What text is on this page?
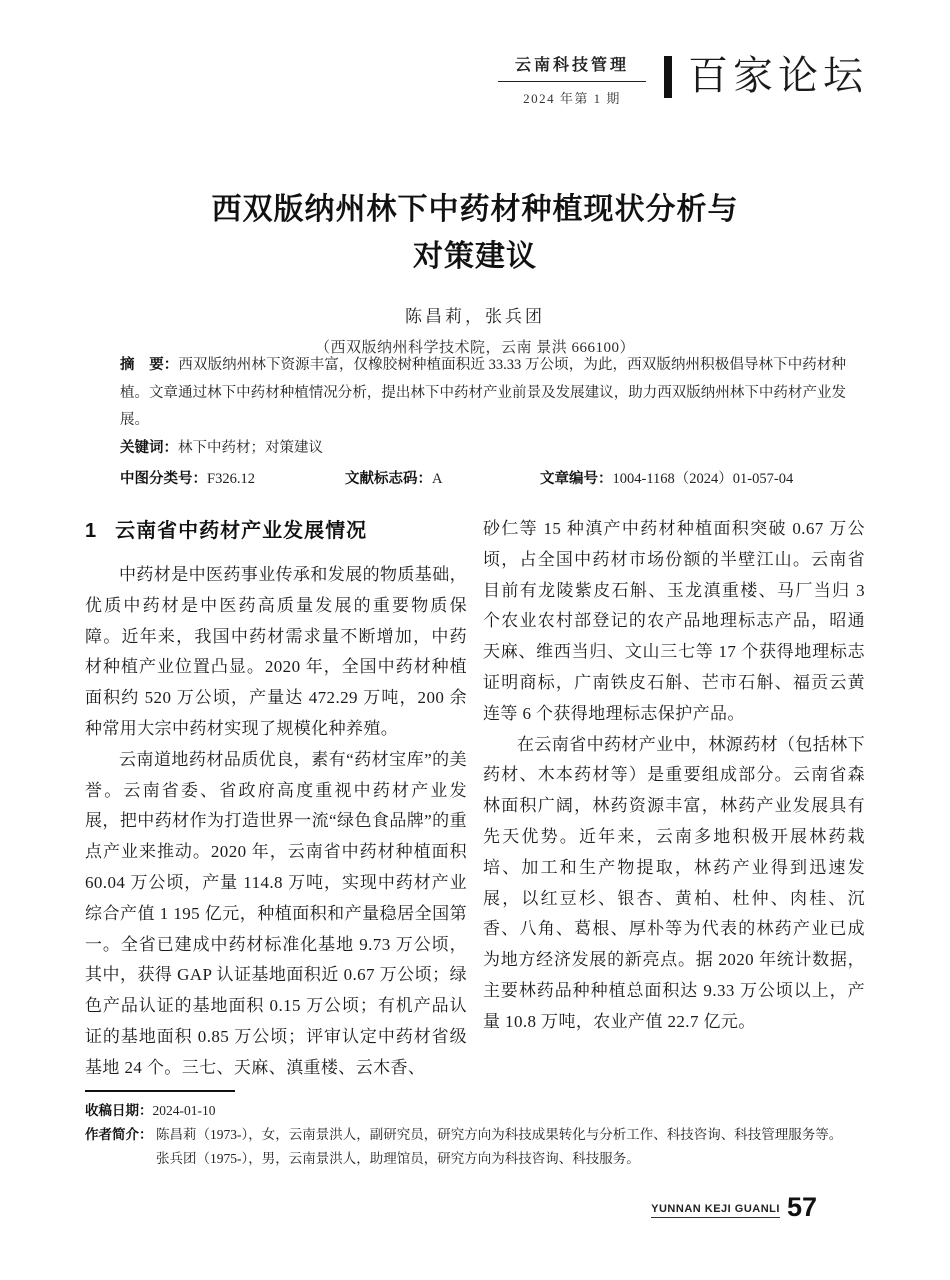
云南科技管理
2024 年第 1 期
百家论坛
西双版纳州林下中药材种植现状分析与
对策建议
陈昌莉，张兵团
（西双版纳州科学技术院，云南 景洪 666100）
摘　要：西双版纳州林下资源丰富，仅橡胶树种植面积近 33.33 万公顷，为此，西双版纳州积极倡导林下中药材种植。文章通过林下中药材种植情况分析，提出林下中药材产业前景及发展建议，助力西双版纳州林下中药材产业发展。
关键词：林下中药材；对策建议
中图分类号：F326.12	文献标志码：A	文章编号：1004-1168（2024）01-057-04
1 云南省中药材产业发展情况

中药材是中医药事业传承和发展的物质基础，优质中药材是中医药高质量发展的重要物质保障。近年来，我国中药材需求量不断增加，中药材种植产业位置凸显。2020 年，全国中药材种植面积约 520 万公顷，产量达 472.29 万吨，200 余种常用大宗中药材实现了规模化种养殖。

云南道地药材品质优良，素有“药材宝库”的美誉。云南省委、省政府高度重视中药材产业发展，把中药材作为打造世界一流“绿色食品牌”的重点产业来推动。2020 年，云南省中药材种植面积 60.04 万公顷，产量 114.8 万吨，实现中药材产业综合产值 1 195 亿元，种植面积和产量稳居全国第一。全省已建成中药材标准化基地 9.73 万公顷，其中，获得 GAP 认证基地面积近 0.67 万公顷；绿色产品认证的基地面积 0.15 万公顷；有机产品认证的基地面积 0.85 万公顷；评审认定中药材省级基地 24 个。三七、天麻、滇重楼、云木香、

砂仁等 15 种滇产中药材种植面积突破 0.67 万公顷，占全国中药材市场份额的半壁江山。云南省目前有龙陵紫皮石斛、玉龙滇重楼、马厂当归 3 个农业农村部登记的农产品地理标志产品，昭通天麻、维西当归、文山三七等 17 个获得地理标志证明商标，广南铁皮石斛、芒市石斛、福贡云黄连等 6 个获得地理标志保护产品。

在云南省中药材产业中，林源药材（包括林下药材、木本药材等）是重要组成部分。云南省森林面积广阔，林药资源丰富，林药产业发展具有先天优势。近年来，云南多地积极开展林药栽培、加工和生产物提取，林药产业得到迅速发展，以红豆杉、银杏、黄柏、杜仲、肉桂、沉香、八角、葛根、厚朴等为代表的林药产业已成为地方经济发展的新亮点。据 2020 年统计数据，主要林药品种种植总面积达 9.33 万公顷以上，产量 10.8 万吨，农业产值 22.7 亿元。

收稿日期：2024-01-10
作者简介： 陈昌莉（1973-），女，云南景洪人，副研究员，研究方向为科技成果转化与分析工作、科技咨询、科技管理服务等。
张兵团（1975-），男，云南景洪人，助理馆员，研究方向为科技咨询、科技服务。
YUNNAN KEJI GUANLI 57
